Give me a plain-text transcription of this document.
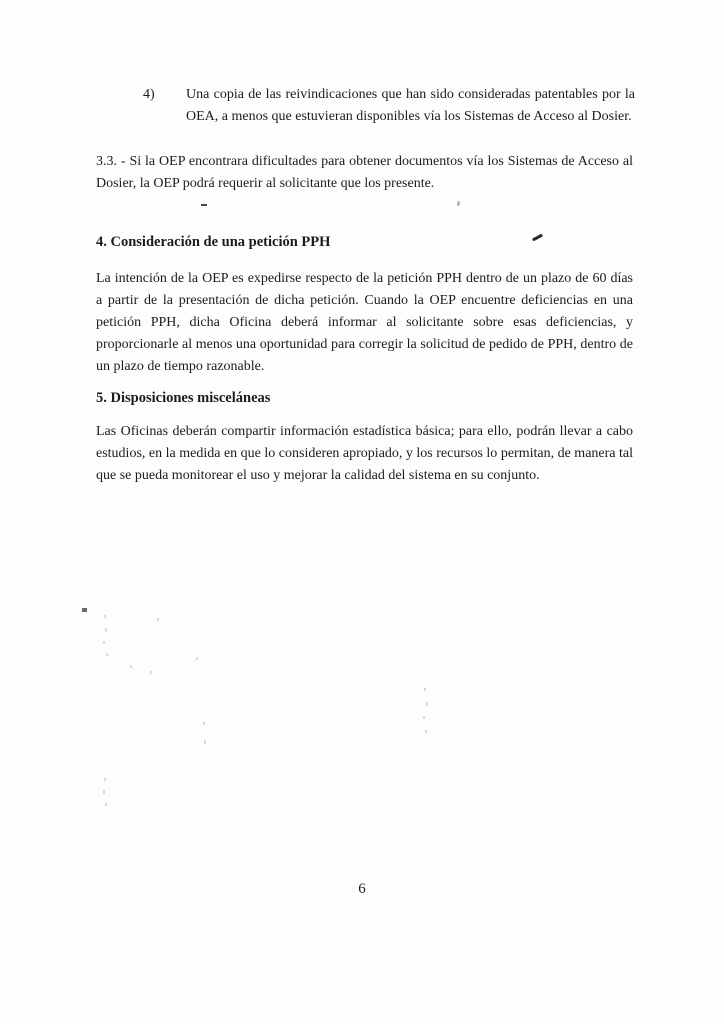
4)	Una copia de las reivindicaciones que han sido consideradas patentables por la OEA, a menos que estuvieran disponibles vía los Sistemas de Acceso al Dosier.

3.3. - Si la OEP encontrara dificultades para obtener documentos vía los Sistemas de Acceso al Dosier, la OEP podrá requerir al solicitante que los presente.

4. Consideración de una petición PPH

La intención de la OEP es expedirse respecto de la petición PPH dentro de un plazo de 60 días a partir de la presentación de dicha petición. Cuando la OEP encuentre deficiencias en una petición PPH, dicha Oficina deberá informar al solicitante sobre esas deficiencias, y proporcionarle al menos una oportunidad para corregir la solicitud de pedido de PPH, dentro de un plazo de tiempo razonable.

5. Disposiciones misceláneas

Las Oficinas deberán compartir información estadística básica; para ello, podrán llevar a cabo estudios, en la medida en que lo consideren apropiado, y los recursos lo permitan, de manera tal que se pueda monitorear el uso y mejorar la calidad del sistema en su conjunto.

6
